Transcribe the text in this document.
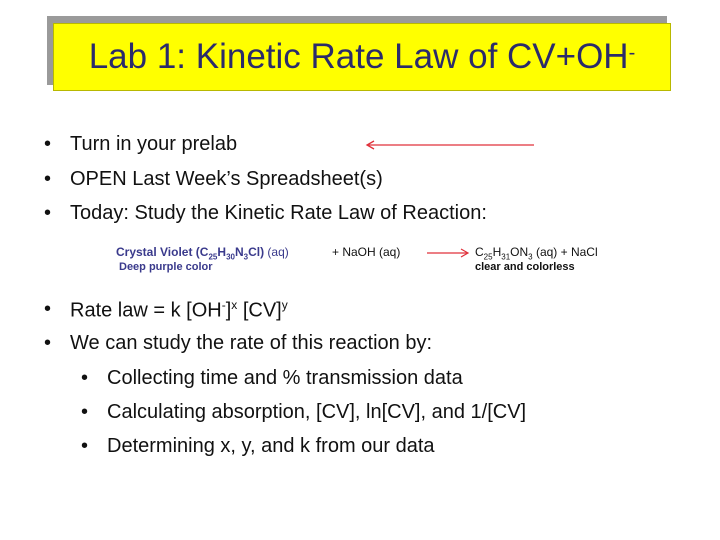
Lab 1: Kinetic Rate Law of CV+OH-
• Turn in your prelab
• OPEN Last Week’s Spreadsheet(s)
• Today: Study the Kinetic Rate Law of Reaction:
Crystal Violet $(C_{25}H_{30}N_3Cl)$ (aq)
Deep purple color
+ NaOH $(aq) \to C_{25}H_{31}ON_3$ (aq) + NaCl
clear and colorless
• Rate law = k $[OH^-]^x$ [CV]$^y$
• We can study the rate of this reaction by:
• Collecting time and % transmission data
• Calculating absorption, [CV], ln[CV], and 1/[CV]
• Determining x, y, and k from our data
